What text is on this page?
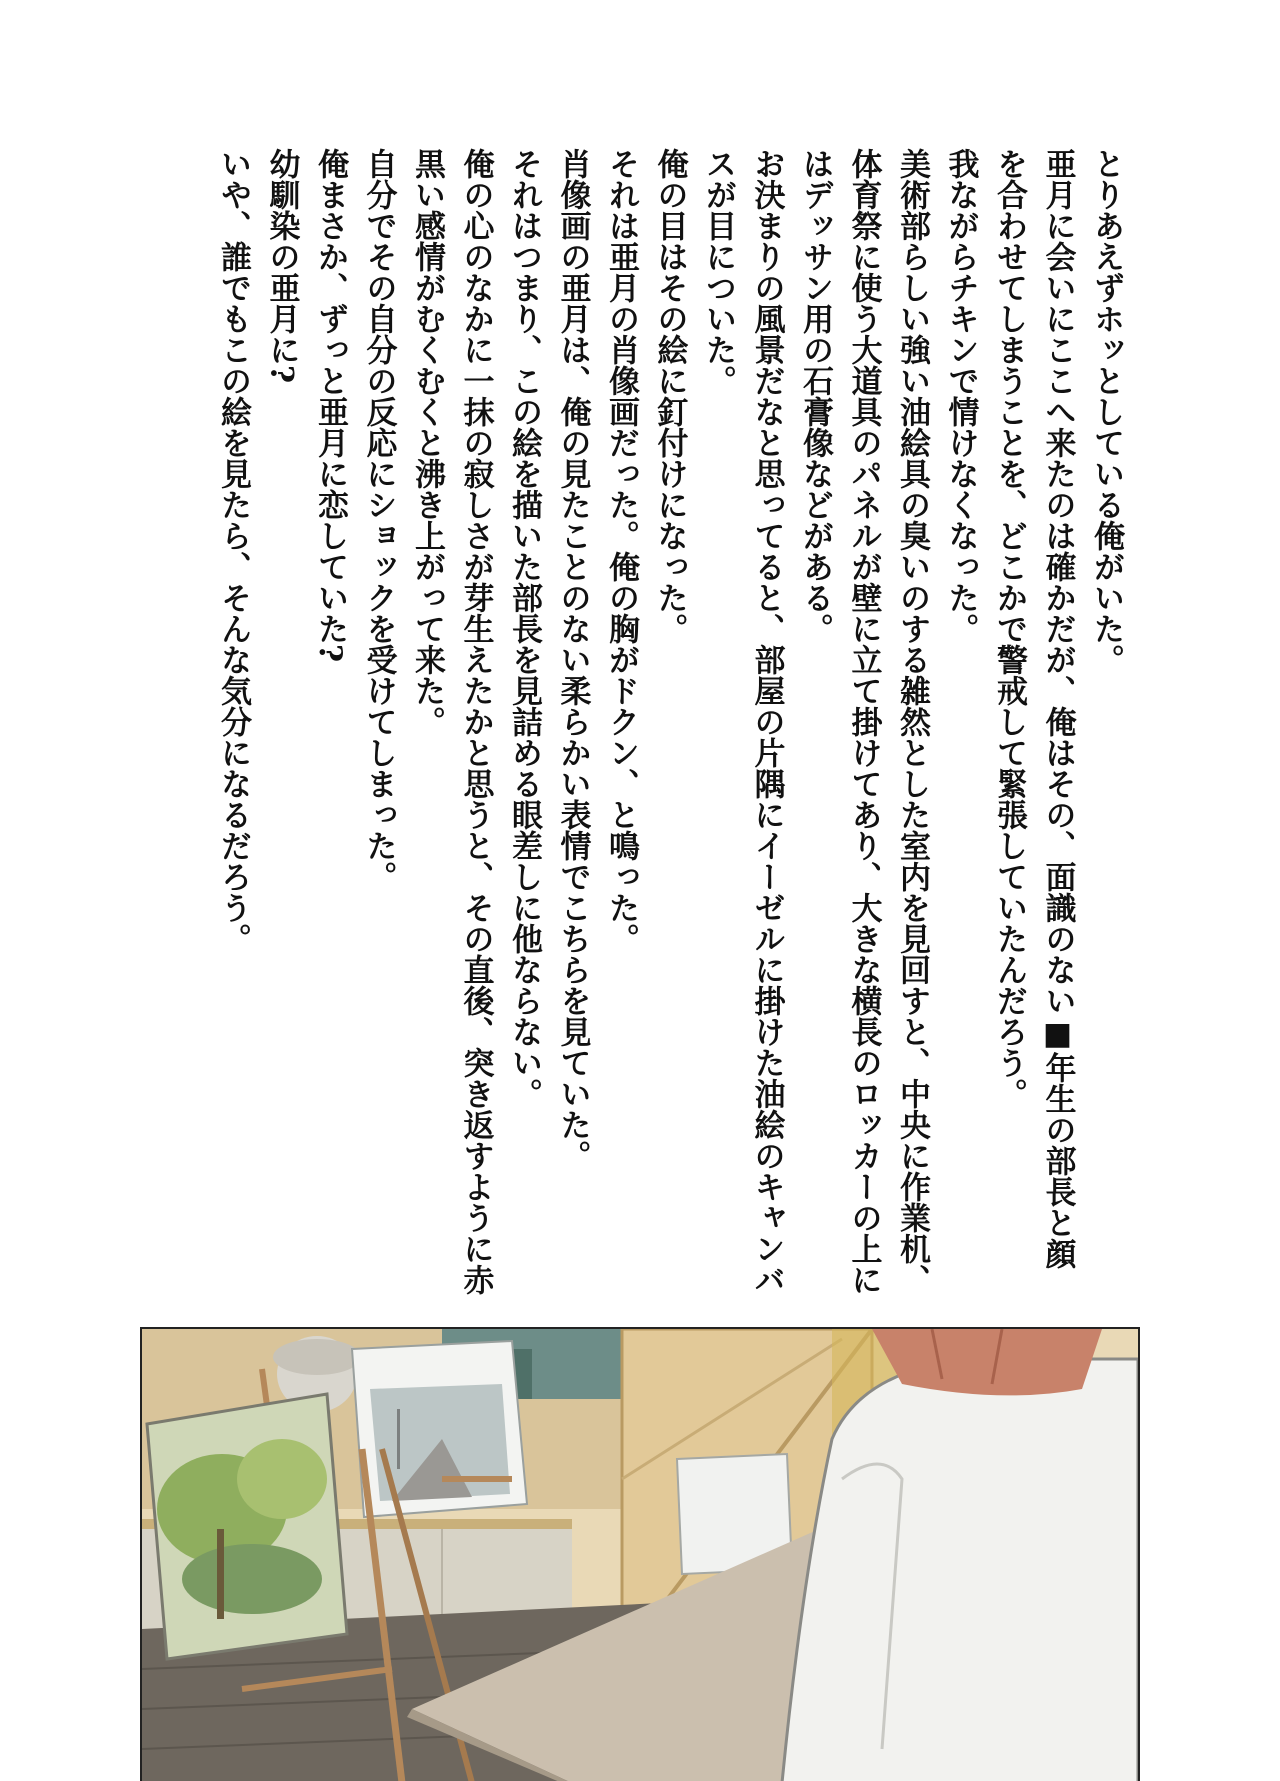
とりあえずホッとしている俺がいた。

亜月に会いにここへ来たのは確かだが、俺はその、面識のない■年生の部長と顔を合わせてしまうことを、どこかで警戒して緊張していたんだろう。

我ながらチキンで情けなくなった。

美術部らしい強い油絵具の臭いのする雑然とした室内を見回すと、中央に作業机、体育祭に使う大道具のパネルが壁に立て掛けてあり、大きな横長のロッカーの上にはデッサン用の石膏像などがある。

お決まりの風景だなと思ってると、部屋の片隅にイーゼルに掛けた油絵のキャンバスが目についた。

俺の目はその絵に釘付けになった。

それは亜月の肖像画だった。俺の胸がドクン、と鳴った。

肖像画の亜月は、俺の見たことのない柔らかい表情でこちらを見ていた。

それはつまり、この絵を描いた部長を見詰める眼差しに他ならない。

俺の心のなかに一抹の寂しさが芽生えたかと思うと、その直後、突き返すように赤黒い感情がむくむくと沸き上がって来た。

自分でその自分の反応にショックを受けてしまった。

俺まさか、ずっと亜月に恋していた?

幼馴染の亜月に?

いや、誰でもこの絵を見たら、そんな気分になるだろう。
